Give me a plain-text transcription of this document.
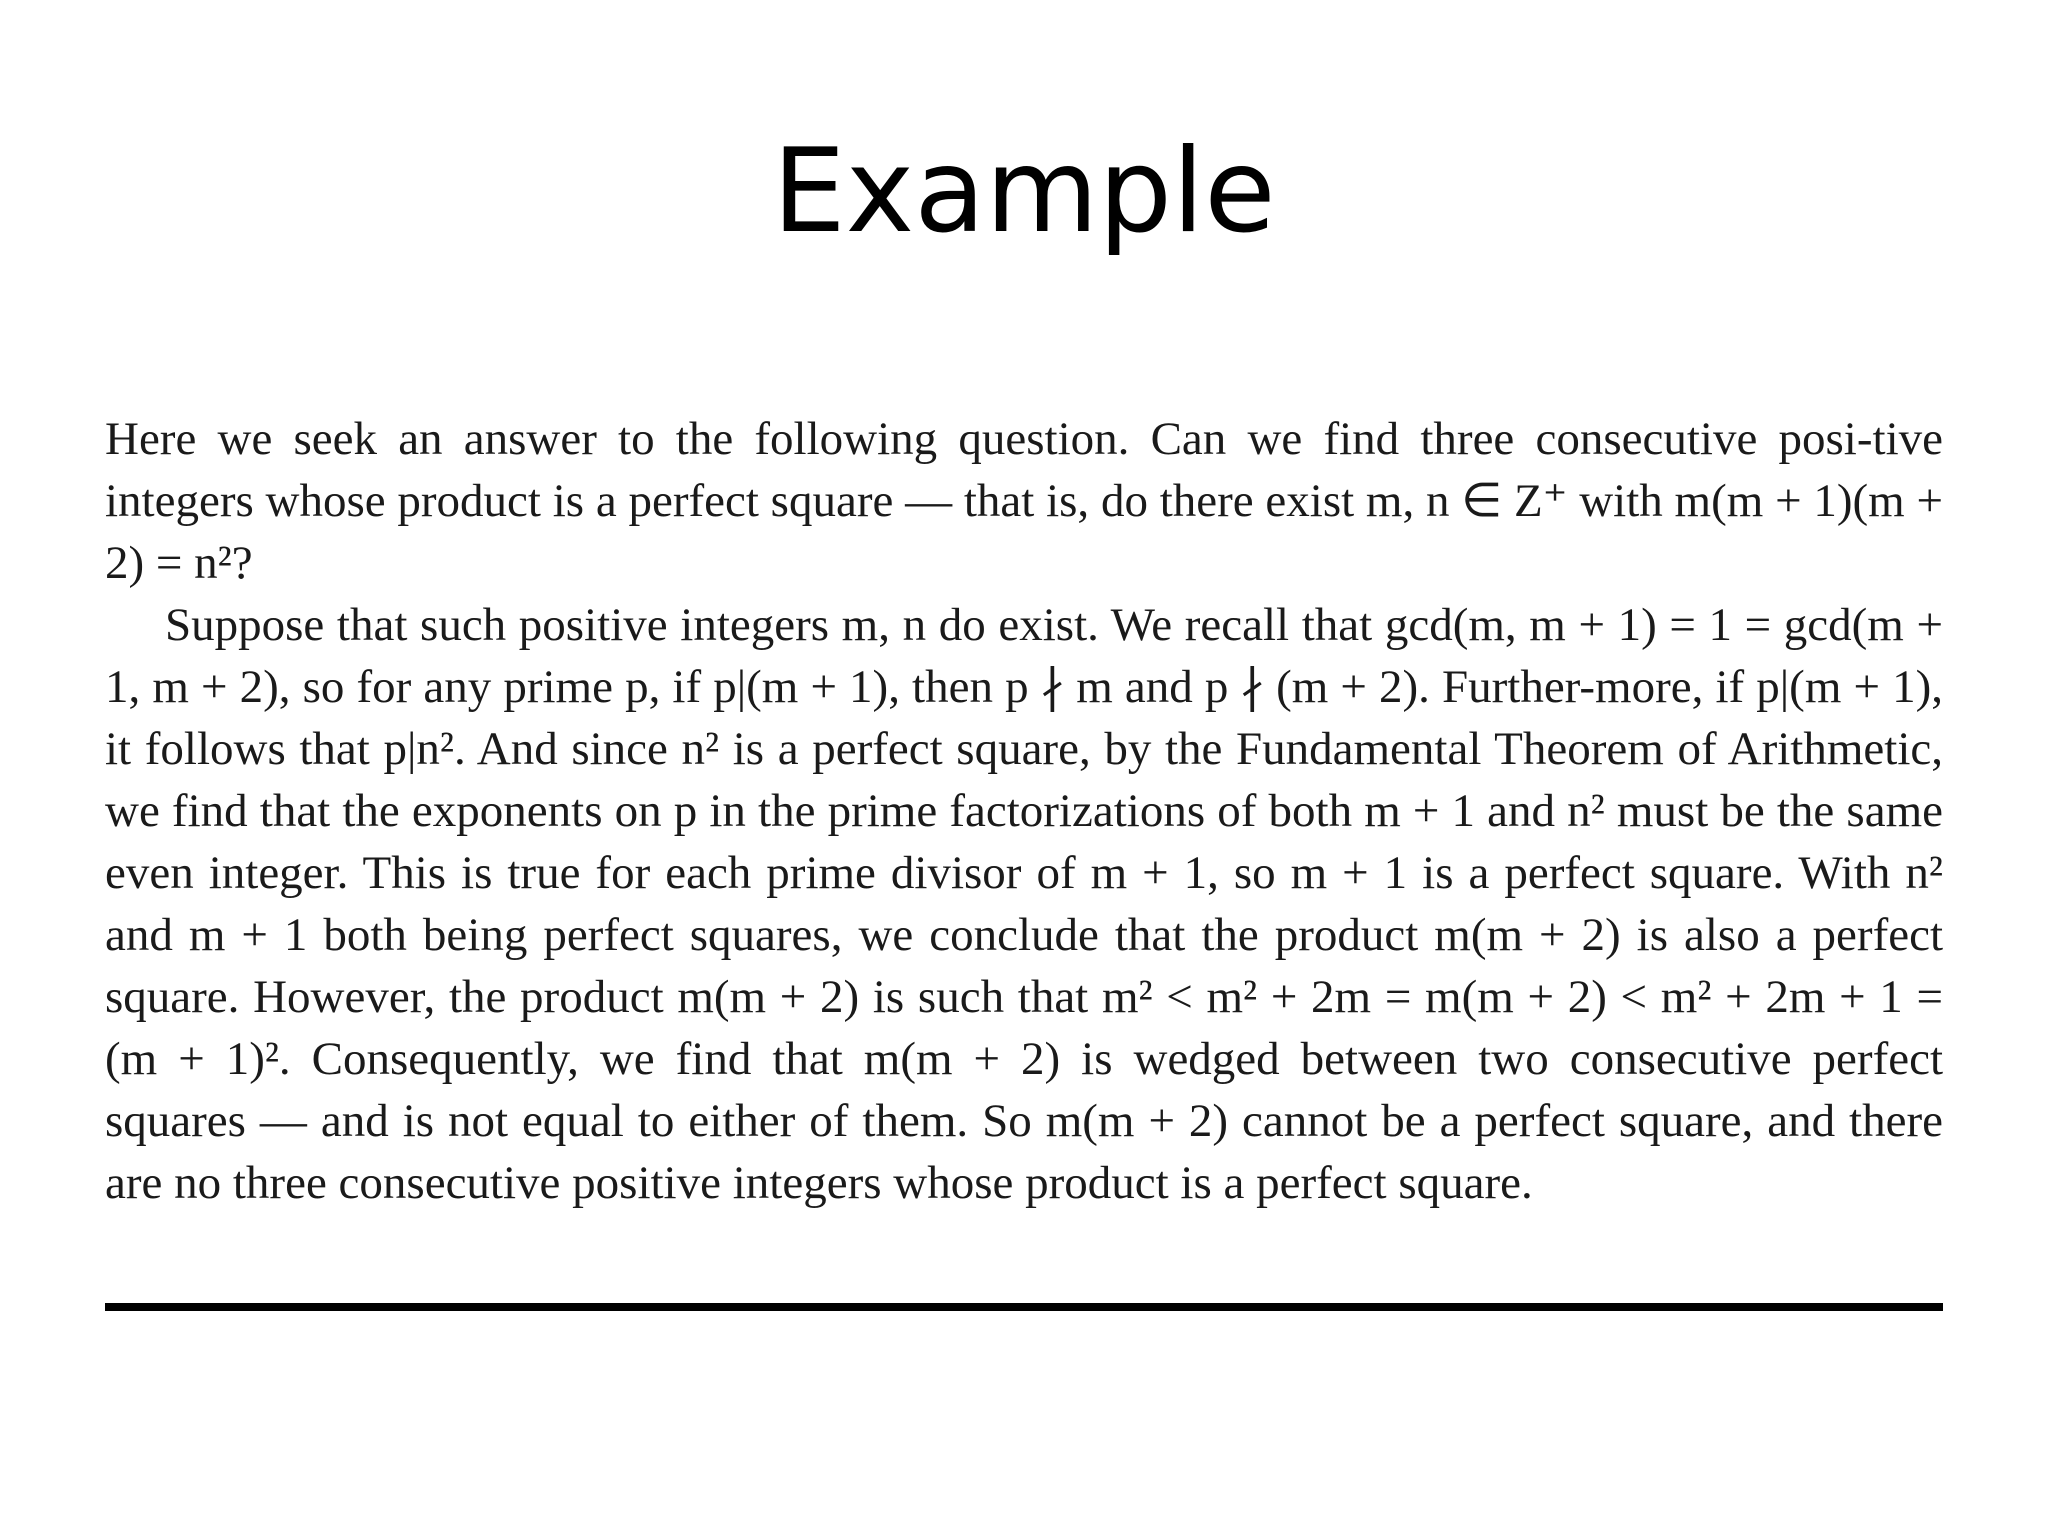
Example

Here we seek an answer to the following question. Can we find three consecutive posi-tive integers whose product is a perfect square — that is, do there exist m, n ∈ Z⁺ with m(m + 1)(m + 2) = n²?

Suppose that such positive integers m, n do exist. We recall that gcd(m, m + 1) = 1 = gcd(m + 1, m + 2), so for any prime p, if p|(m + 1), then p ∤ m and p ∤ (m + 2). Further-more, if p|(m + 1), it follows that p|n². And since n² is a perfect square, by the Fundamental Theorem of Arithmetic, we find that the exponents on p in the prime factorizations of both m + 1 and n² must be the same even integer. This is true for each prime divisor of m + 1, so m + 1 is a perfect square. With n² and m + 1 both being perfect squares, we conclude that the product m(m + 2) is also a perfect square. However, the product m(m + 2) is such that m² < m² + 2m = m(m + 2) < m² + 2m + 1 = (m + 1)². Consequently, we find that m(m + 2) is wedged between two consecutive perfect squares — and is not equal to either of them. So m(m + 2) cannot be a perfect square, and there are no three consecutive positive integers whose product is a perfect square.
